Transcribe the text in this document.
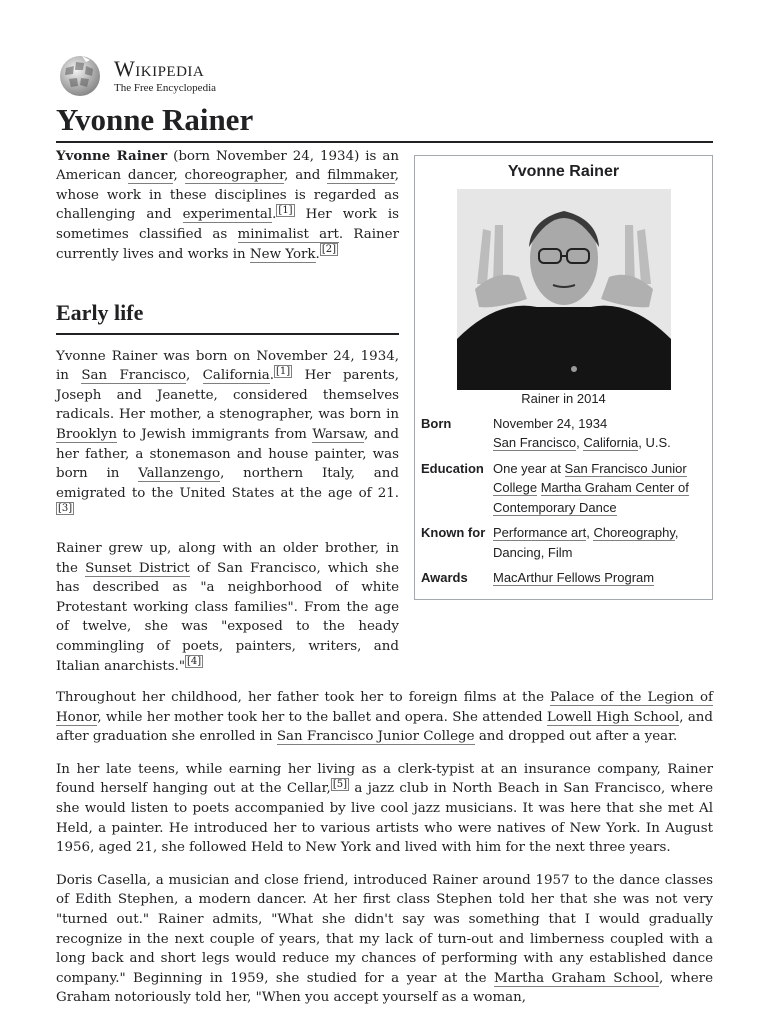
Wikipedia
The Free Encyclopedia
Yvonne Rainer
Yvonne Rainer
Rainer in 2014
Born	November 24, 1934
San Francisco, California, U.S.
Education One year at San Francisco Junior College Martha Graham Center of Contemporary Dance
Known for Performance art, Choreography, Dancing, Film
Awards	MacArthur Fellows Program

Yvonne Rainer (born November 24, 1934) is an American dancer, choreographer, and filmmaker, whose work in these disciplines is regarded as challenging and experimental. [1] Her work is sometimes classified as minimalist art. Rainer currently lives and works in New York. [2]

Early life

Yvonne Rainer was born on November 24, 1934, in San Francisco, California. [1] Her parents, Joseph and Jeanette, considered themselves radicals. Her mother, a stenographer, was born in Brooklyn to Jewish immigrants from Warsaw, and her father, a stonemason and house painter, was born in Vallanzengo, northern Italy, and emigrated to the United States at the age of 21.[3]

Rainer grew up, along with an older brother, in the Sunset District of San Francisco, which she has described as "a neighborhood of white Protestant working class families". From the age of twelve, she was "exposed to the heady commingling of poets, painters, writers, and Italian anarchists." [4]

Throughout her childhood, her father took her to foreign films at the Palace of the Legion of Honor, while her mother took her to the ballet and opera. She attended Lowell High School, and after graduation she enrolled in San Francisco Junior College and dropped out after a year.

In her late teens, while earning her living as a clerk-typist at an insurance company, Rainer found herself hanging out at the Cellar, [5] a jazz club in North Beach in San Francisco, where she would listen to poets accompanied by live cool jazz musicians. It was here that she met Al Held, a painter. He introduced her to various artists who were natives of New York. In August 1956, aged 21, she followed Held to New York and lived with him for the next three years.

Doris Casella, a musician and close friend, introduced Rainer around 1957 to the dance classes of Edith Stephen, a modern dancer. At her first class Stephen told her that she was not very "turned out." Rainer admits, "What she didn't say was something that I would gradually recognize in the next couple of years, that my lack of turn-out and limberness coupled with a long back and short legs would reduce my chances of performing with any established dance company." Beginning in 1959, she studied for a year at the Martha Graham School, where Graham notoriously told her, "When you accept yourself as a woman,
